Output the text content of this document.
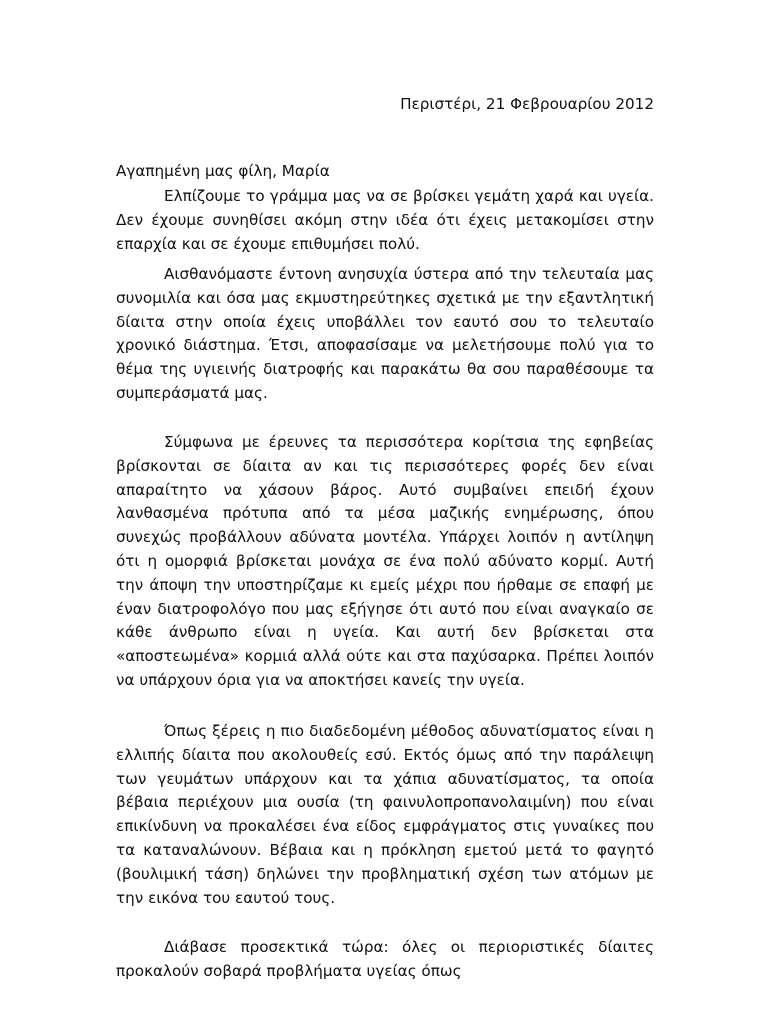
Περιστέρι, 21 Φεβρουαρίου 2012
Αγαπημένη μας φίλη, Μαρία

Ελπίζουμε το γράμμα μας να σε βρίσκει γεμάτη χαρά και υγεία. Δεν έχουμε συνηθίσει ακόμη στην ιδέα ότι έχεις μετακομίσει στην επαρχία και σε έχουμε επιθυμήσει πολύ.

Αισθανόμαστε έντονη ανησυχία ύστερα από την τελευταία μας συνομιλία και όσα μας εκμυστηρεύτηκες σχετικά με την εξαντλητική δίαιτα στην οποία έχεις υποβάλλει τον εαυτό σου το τελευταίο χρονικό διάστημα. Έτσι, αποφασίσαμε να μελετήσουμε πολύ για το θέμα της υγιεινής διατροφής και παρακάτω θα σου παραθέσουμε τα συμπεράσματά μας.

Σύμφωνα με έρευνες τα περισσότερα κορίτσια της εφηβείας βρίσκονται σε δίαιτα αν και τις περισσότερες φορές δεν είναι απαραίτητο να χάσουν βάρος. Αυτό συμβαίνει επειδή έχουν λανθασμένα πρότυπα από τα μέσα μαζικής ενημέρωσης, όπου συνεχώς προβάλλουν αδύνατα μοντέλα. Υπάρχει λοιπόν η αντίληψη ότι η ομορφιά βρίσκεται μονάχα σε ένα πολύ αδύνατο κορμί. Αυτή την άποψη την υποστηρίζαμε κι εμείς μέχρι που ήρθαμε σε επαφή με έναν διατροφολόγο που μας εξήγησε ότι αυτό που είναι αναγκαίο σε κάθε άνθρωπο είναι η υγεία. Και αυτή δεν βρίσκεται στα «αποστεωμένα» κορμιά αλλά ούτε και στα παχύσαρκα. Πρέπει λοιπόν να υπάρχουν όρια για να αποκτήσει κανείς την υγεία.

Όπως ξέρεις η πιο διαδεδομένη μέθοδος αδυνατίσματος είναι η ελλιπής δίαιτα που ακολουθείς εσύ. Εκτός όμως από την παράλειψη των γευμάτων υπάρχουν και τα χάπια αδυνατίσματος, τα οποία βέβαια περιέχουν μια ουσία (τη φαινυλοπροπανολαιμίνη) που είναι επικίνδυνη να προκαλέσει ένα είδος εμφράγματος στις γυναίκες που τα καταναλώνουν. Βέβαια και η πρόκληση εμετού μετά το φαγητό (βουλιμική τάση) δηλώνει την προβληματική σχέση των ατόμων με την εικόνα του εαυτού τους.

Διάβασε προσεκτικά τώρα: όλες οι περιοριστικές δίαιτες προκαλούν σοβαρά προβλήματα υγείας όπως
